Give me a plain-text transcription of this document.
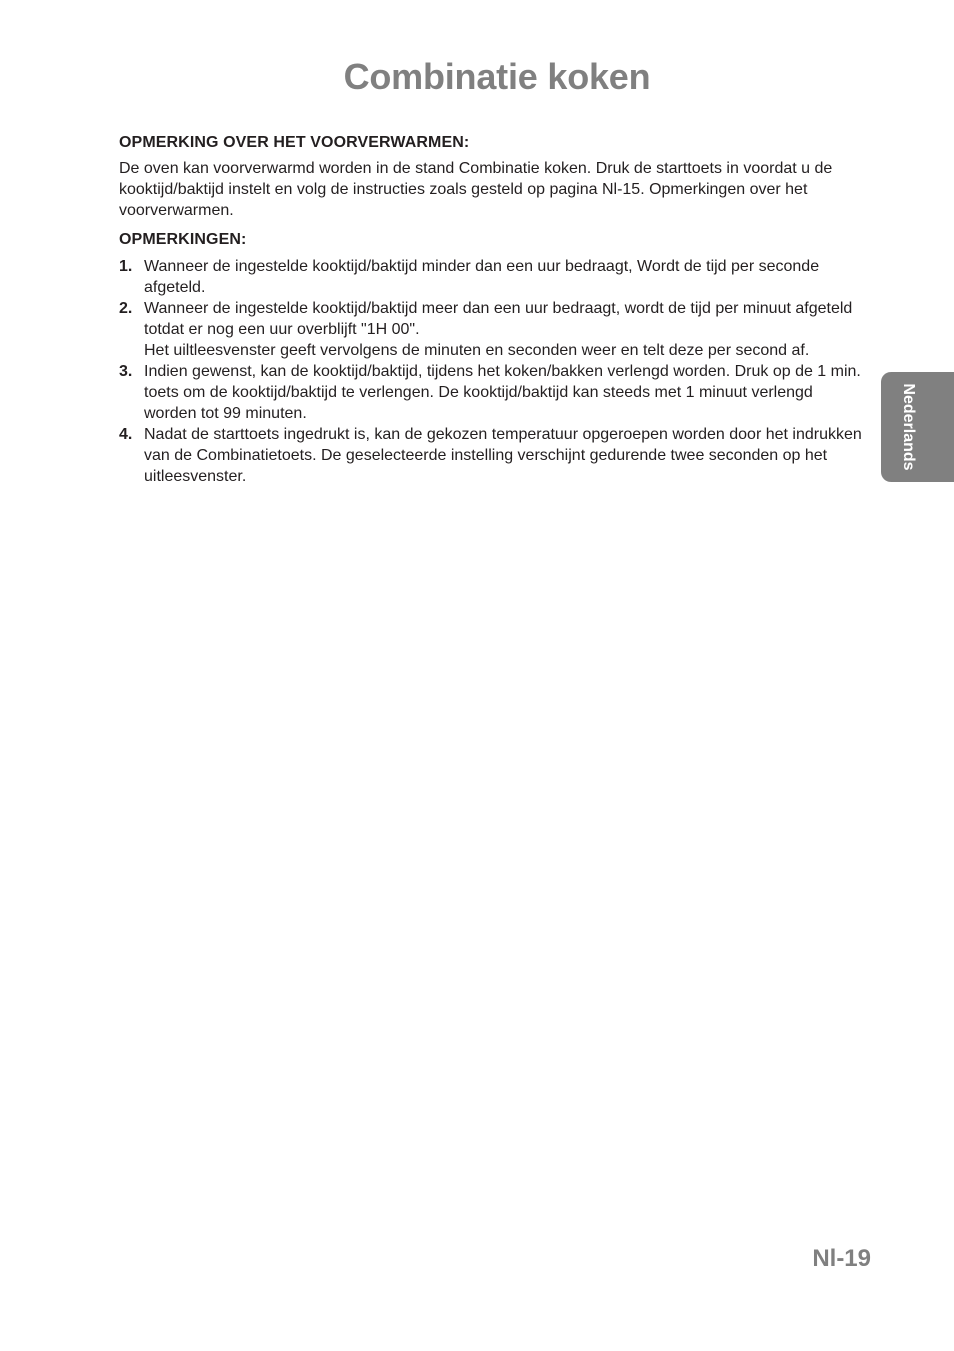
Combinatie koken
OPMERKING OVER HET VOORVERWARMEN:

De oven kan voorverwarmd worden in de stand Combinatie koken. Druk de starttoets in voordat u de kooktijd/baktijd instelt en volg de instructies zoals gesteld op pagina Nl-15. Opmerkingen over het voorverwarmen.

OPMERKINGEN:
1. Wanneer de ingestelde kooktijd/baktijd minder dan een uur bedraagt, Wordt de tijd per seconde afgeteld.
2. Wanneer de ingestelde kooktijd/baktijd meer dan een uur bedraagt, wordt de tijd per minuut afgeteld totdat er nog een uur overblijft "1H 00".
Het uiltleesvenster geeft vervolgens de minuten en seconden weer en telt deze per second af.
3. Indien gewenst, kan de kooktijd/baktijd, tijdens het koken/bakken verlengd worden. Druk op de 1 min. toets om de kooktijd/baktijd te verlengen. De kooktijd/baktijd kan steeds met 1 minuut verlengd worden tot 99 minuten.
4. Nadat de starttoets ingedrukt is, kan de gekozen temperatuur opgeroepen worden door het indrukken van de Combinatietoets. De geselecteerde instelling verschijnt gedurende twee seconden op het uitleesvenster.
Nederlands
Nl-19
